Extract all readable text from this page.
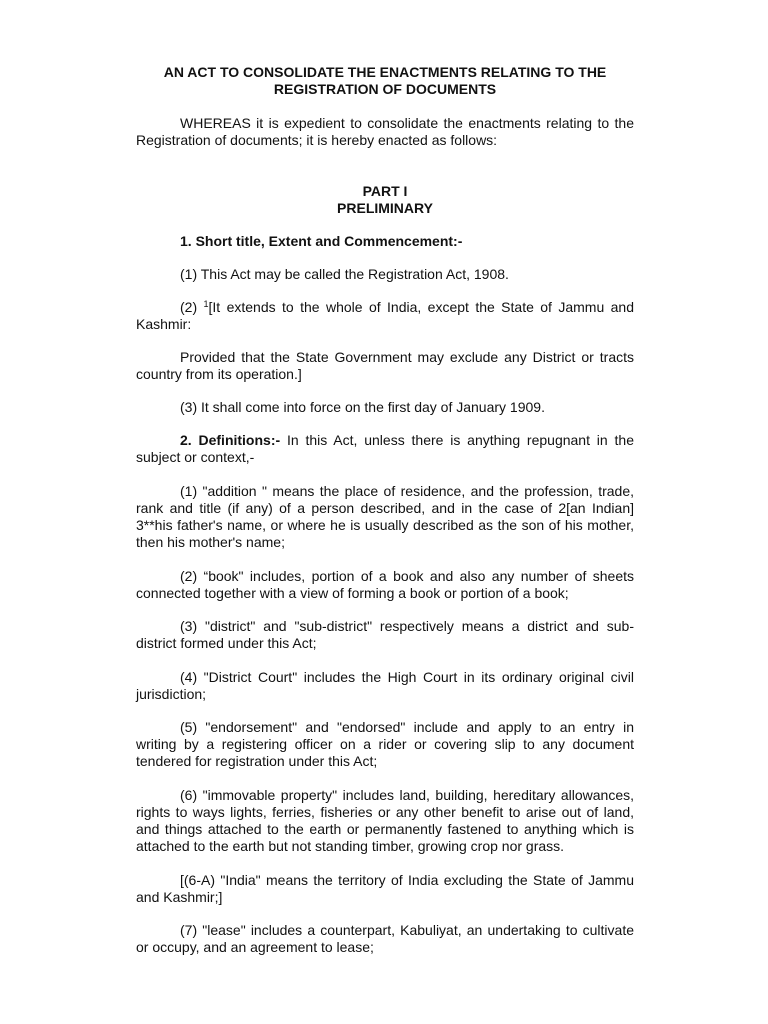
AN ACT TO CONSOLIDATE THE ENACTMENTS RELATING TO THE
REGISTRATION OF DOCUMENTS

WHEREAS it is expedient to consolidate the enactments relating to the Registration of documents; it is hereby enacted as follows:

PART I

PRELIMINARY

1. Short title, Extent and Commencement:-

(1) This Act may be called the Registration Act, 1908.

(2) $^1$[It extends to the whole of India, except the State of Jammu and Kashmir:

Provided that the State Government may exclude any District or tracts country from its operation.]

(3) It shall come into force on the first day of January 1909.

2. Definitions:- In this Act, unless there is anything repugnant in the subject or context,-

(1) "addition " means the place of residence, and the profession, trade, rank and title (if any) of a person described, and in the case of 2[an Indian] 3**his father's name, or where he is usually described as the son of his mother, then his mother's name;

(2) “book" includes, portion of a book and also any number of sheets connected together with a view of forming a book or portion of a book;

(3) "district" and "sub-district" respectively means a district and sub-district formed under this Act;

(4) "District Court" includes the High Court in its ordinary original civil jurisdiction;

(5) "endorsement" and "endorsed" include and apply to an entry in writing by a registering officer on a rider or covering slip to any document tendered for registration under this Act;

(6) "immovable property" includes land, building, hereditary allowances, rights to ways lights, ferries, fisheries or any other benefit to arise out of land, and things attached to the earth or permanently fastened to anything which is attached to the earth but not standing timber, growing crop nor grass.

[(6-A) "India" means the territory of India excluding the State of Jammu and Kashmir;]

(7) "lease" includes a counterpart, Kabuliyat, an undertaking to cultivate or occupy, and an agreement to lease;
